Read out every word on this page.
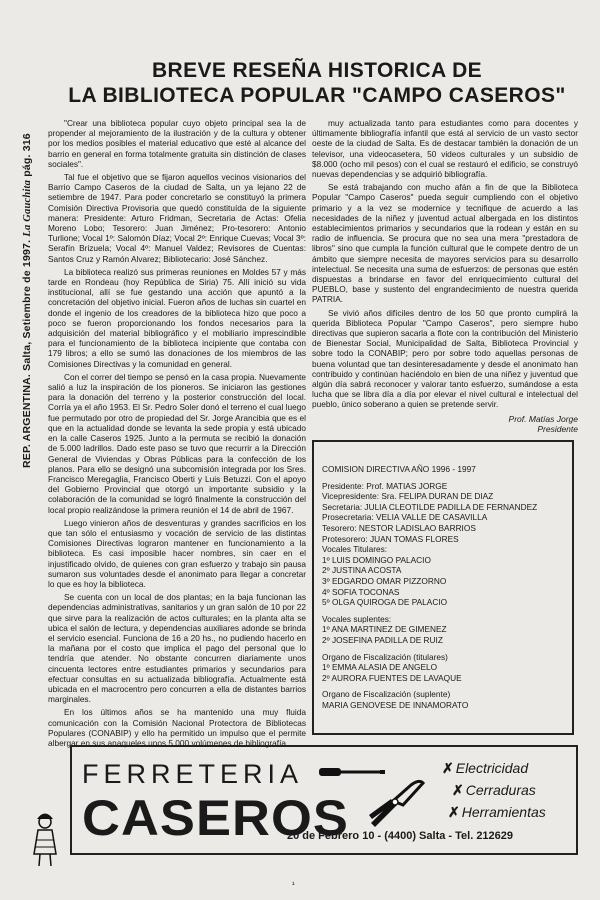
REP. ARGENTINA. Salta, Setiembre de 1997. La Gauchita pág. 316
BREVE RESEÑA HISTORICA DE
LA BIBLIOTECA POPULAR "CAMPO CASEROS"

"Crear una biblioteca popular cuyo objeto principal sea la de propender al mejoramiento de la ilustración y de la cultura y obtener por los medios posibles el material educativo que esté al alcance del barrio en general en forma totalmente gratuita sin distinción de clases sociales".

Tal fue el objetivo que se fijaron aquellos vecinos visionarios del Barrio Campo Caseros de la ciudad de Salta, un ya lejano 22 de setiembre de 1947. Para poder concretarlo se constituyó la primera Comisión Directiva Provisoria que quedó constituída de la siguiente manera: Presidente: Arturo Fridman, Secretaria de Actas: Ofelia Moreno Lobo; Tesorero: Juan Jiménez; Pro-tesorero: Antonio Turlione; Vocal 1º: Salomón Díaz; Vocal 2º: Enrique Cuevas; Vocal 3º: Serafín Brizuela; Vocal 4º: Manuel Valdez; Revisores de Cuentas: Santos Cruz y Ramón Alvarez; Bibliotecario: José Sánchez.

La biblioteca realizó sus primeras reuniones en Moldes 57 y más tarde en Rondeau (hoy República de Siria) 75. Allí inició su vida institucional, allí se fue gestando una acción que apuntó a la concretación del objetivo inicial. Fueron años de luchas sin cuartel en donde el ingenio de los creadores de la biblioteca hizo que poco a poco se fueron proporcionando los fondos necesarios para la adquisición del material bibliográfico y el mobiliario imprescindible para el funcionamiento de la biblioteca incipiente que contaba con 179 libros; a ello se sumó las donaciones de los miembros de las Comisiones Directivas y la comunidad en general.

Con el correr del tiempo se pensó en la casa propia. Nuevamente salió a luz la inspiración de los pioneros. Se iniciaron las gestiones para la donación del terreno y la posterior construcción del local. Corría ya el año 1953. El Sr. Pedro Soler donó el terreno el cual luego fue permutado por otro de propiedad del Sr. Jorge Arancibia que es el que en la actualidad donde se levanta la sede propia y está ubicado en la calle Caseros 1925. Junto a la permuta se recibió la donación de 5.000 ladrillos. Dado este paso se tuvo que recurrir a la Dirección General de Viviendas y Obras Públicas para la confección de los planos. Para ello se designó una subcomisión integrada por los Sres. Francisco Meregaglia, Francisco Oberti y Luis Betuzzi. Con el apoyo del Gobierno Provincial que otorgó un importante subsidio y la colaboración de la comunidad se logró finalmente la construcción del local propio realizándose la primera reunión el 14 de abril de 1967.

Luego vinieron años de desventuras y grandes sacrificios en los que tan sólo el entusiasmo y vocación de servicio de las distintas Comisiones Directivas lograron mantener en funcionamiento a la biblioteca. Es casi imposible hacer nombres, sin caer en el injustificado olvido, de quienes con gran esfuerzo y trabajo sin pausa sumaron sus voluntades desde el anonimato para llegar a concretar lo que es hoy la biblioteca.

Se cuenta con un local de dos plantas; en la baja funcionan las dependencias administrativas, sanitarios y un gran salón de 10 por 22 que sirve para la realización de actos culturales; en la planta alta se ubica el salón de lectura, y dependencias auxiliares adonde se brinda el servicio esencial. Funciona de 16 a 20 hs., no pudiendo hacerlo en la mañana por el costo que implica el pago del personal que lo tendría que atender. No obstante concurren diariamente unos cincuenta lectores entre estudiantes primarios y secundarios para efectuar consultas en su actualizada bibliografía. Actualmente está ubicada en el macrocentro pero concurren a ella de distantes barrios marginales.

En los últimos años se ha mantenido una muy fluida comunicación con la Comisión Nacional Protectora de Bibliotecas Populares (CONABIP) y ello ha permitido un impulso que el permite albergar en sus anaqueles unos 5.000 volúmenes de bibliografía

muy actualizada tanto para estudiantes como para docentes y últimamente bibliografía infantil que está al servicio de un vasto sector oeste de la ciudad de Salta. Es de destacar también la donación de un televisor, una videocasetera, 50 videos culturales y un subsidio de $8.000 (ocho mil pesos) con el cual se restauró el edificio, se construyó nuevas dependencias y se adquirió bibliografía.

Se está trabajando con mucho afán a fin de que la Biblioteca Popular "Campo Caseros" pueda seguir cumpliendo con el objetivo primario y a la vez se modernice y tecnifique de acuerdo a las necesidades de la niñez y juventud actual albergada en los distintos establecimientos primarios y secundarios que la rodean y están en su radio de influencia. Se procura que no sea una mera "prestadora de libros" sino que cumpla la función cultural que le compete dentro de un ámbito que siempre necesita de mayores servicios para su desarrollo intelectual. Se necesita una suma de esfuerzos: de personas que estén dispuestas a brindarse en favor del enriquecimiento cultural del PUEBLO, base y sustento del engrandecimiento de nuestra querida PATRIA.

Se vivió años difíciles dentro de los 50 que pronto cumplirá la querida Biblioteca Popular "Campo Caseros", pero siempre hubo directivas que supieron sacarla a flote con la contribución del Ministerio de Bienestar Social, Municipalidad de Salta, Biblioteca Provincial y sobre todo la CONABIP; pero por sobre todo aquellas personas de buena voluntad que tan desinteresadamente y desde el anonimato han contribuido y continúan haciéndolo en bien de una niñez y juventud que algún día sabrá reconocer y valorar tanto esfuerzo, sumándose a esta lucha que se libra día a día por elevar el nivel cultural e intelectual del pueblo, único soberano a quien se pretende servir.

Prof. Matías Jorge
Presidente
COMISION DIRECTIVA AÑO 1996 - 1997
Presidente: Prof. MATIAS JORGE
Vicepresidente: Sra. FELIPA DURAN DE DIAZ
Secretaria: JULIA CLEOTILDE PADILLA DE FERNANDEZ
Prosecretaria: VELIA VALLE DE CASAVILLA
Tesorero: NESTOR LADISLAO BARRIOS
Protesorero: JUAN TOMAS FLORES
Vocales Titulares:
1º LUIS DOMINGO PALACIO
2º JUSTINA ACOSTA
3º EDGARDO OMAR PIZZORNO
4º SOFIA TOCONAS
5º OLGA QUIROGA DE PALACIO
Vocales suplentes:
1º ANA MARTINEZ DE GIMENEZ
2º JOSEFINA PADILLA DE RUIZ
Organo de Fiscalización (titulares)
1º EMMA ALASIA DE ANGELO
2º AURORA FUENTES DE LAVAQUE
Organo de Fiscalización (suplente)
MARIA GENOVESE DE INNAMORATO
FERRETERIA
CASEROS
✗ Electricidad
✗ Cerraduras
✗ Herramientas
20 de Febrero 10 - (4400) Salta - Tel. 212629
¹
